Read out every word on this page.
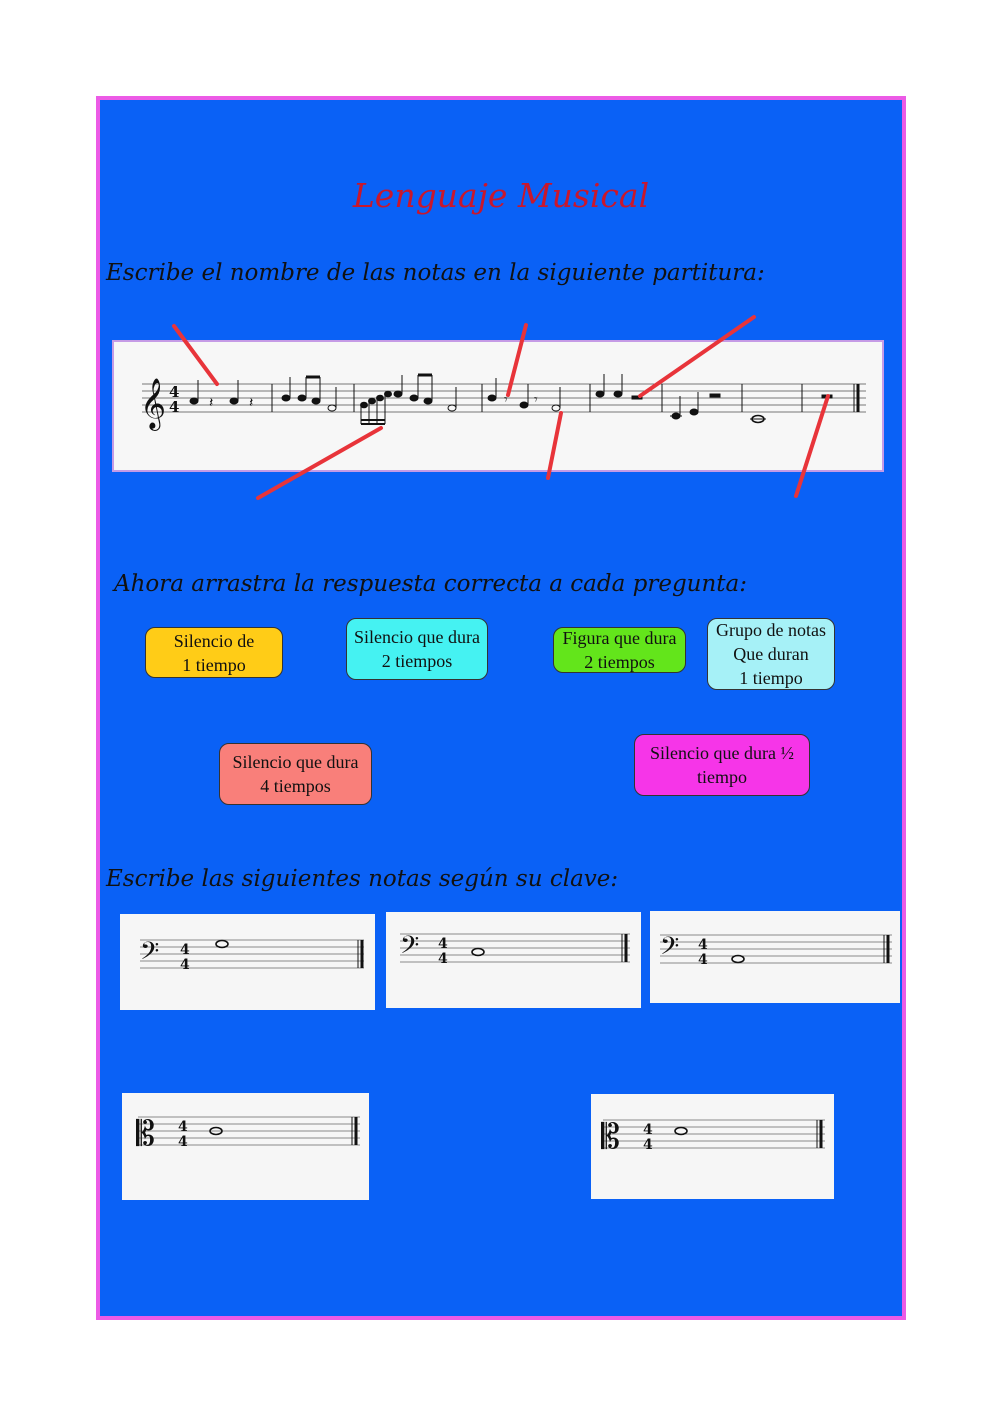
Lenguaje Musical
Escribe el nombre de las notas en la siguiente partitura:
𝄞 4
4 𝄽	𝄽	𝄾 𝄾
Ahora arrastra la respuesta correcta a cada pregunta:
Silencio de
1 tiempo
Silencio que dura
2 tiempos
Figura que dura
2 tiempos
Grupo de notas
Que duran
1 tiempo
Silencio que dura
4 tiempos
Silencio que dura ½
tiempo
Escribe las siguientes notas según su clave:
𝄢 4
4	𝄢 4
4	𝄢 4
4
𝄡 4
4	𝄡 4
4
